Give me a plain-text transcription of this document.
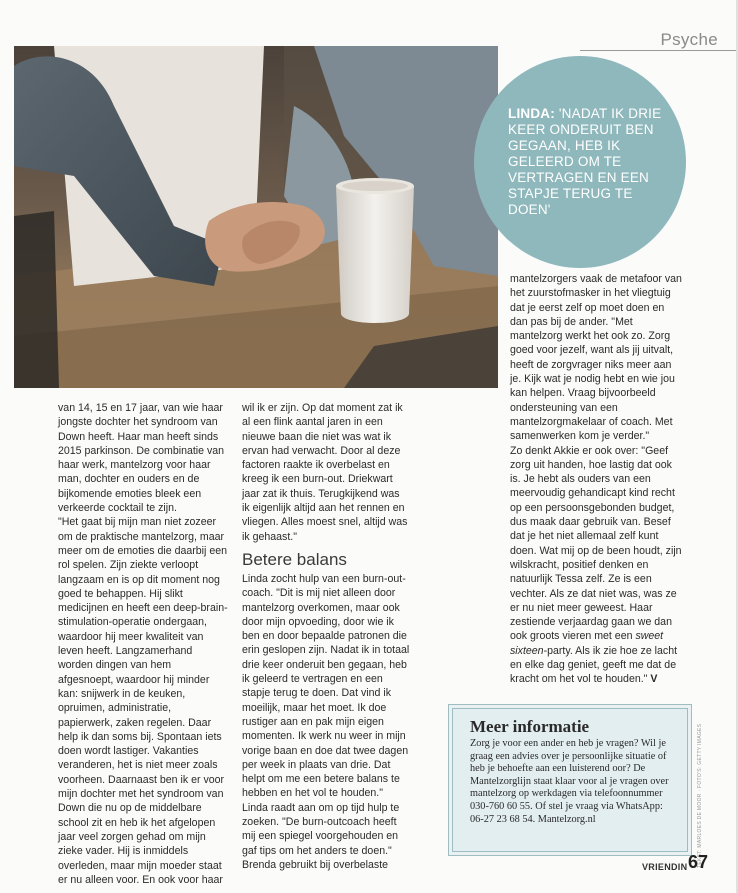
Psyche
LINDA: 'NADAT IK DRIE KEER ONDERUIT BEN GEGAAN, HEB IK GELEERD OM TE VERTRAGEN EN EEN STAPJE TERUG TE DOEN'

van 14, 15 en 17 jaar, van wie haar jongste dochter het syndroom van Down heeft. Haar man heeft sinds 2015 parkinson. De combinatie van haar werk, mantelzorg voor haar man, dochter en ouders en de bijkomende emoties bleek een verkeerde cocktail te zijn.

"Het gaat bij mijn man niet zozeer om de praktische mantelzorg, maar meer om de emoties die daarbij een rol spelen. Zijn ziekte verloopt langzaam en is op dit moment nog goed te behappen. Hij slikt medicijnen en heeft een deep-brain-stimulation-operatie ondergaan, waardoor hij meer kwaliteit van leven heeft. Langzamerhand worden dingen van hem afgesnoept, waardoor hij minder kan: snijwerk in de keuken, opruimen, administratie, papierwerk, zaken regelen. Daar help ik dan soms bij. Spontaan iets doen wordt lastiger. Vakanties veranderen, het is niet meer zoals voorheen. Daarnaast ben ik er voor mijn dochter met het syndroom van Down die nu op de middelbare school zit en heb ik het afgelopen jaar veel zorgen gehad om mijn zieke vader. Hij is inmiddels overleden, maar mijn moeder staat er nu alleen voor. En ook voor haar

wil ik er zijn. Op dat moment zat ik al een flink aantal jaren in een nieuwe baan die niet was wat ik ervan had verwacht. Door al deze factoren raakte ik overbelast en kreeg ik een burn-out. Driekwart jaar zat ik thuis. Terugkijkend was ik eigenlijk altijd aan het rennen en vliegen. Alles moest snel, altijd was ik gehaast."

Betere balans

Linda zocht hulp van een burn-out-coach. "Dit is mij niet alleen door mantelzorg overkomen, maar ook door mijn opvoeding, door wie ik ben en door bepaalde patronen die erin geslopen zijn. Nadat ik in totaal drie keer onderuit ben gegaan, heb ik geleerd te vertragen en een stapje terug te doen. Dat vind ik moeilijk, maar het moet. Ik doe rustiger aan en pak mijn eigen momenten. Ik werk nu weer in mijn vorige baan en doe dat twee dagen per week in plaats van drie. Dat helpt om me een betere balans te hebben en het vol te houden."

Linda raadt aan om op tijd hulp te zoeken. "De burn-outcoach heeft mij een spiegel voorgehouden en gaf tips om het anders te doen." Brenda gebruikt bij overbelaste

mantelzorgers vaak de metafoor van het zuurstofmasker in het vliegtuig dat je eerst zelf op moet doen en dan pas bij de ander. "Met mantelzorg werkt het ook zo. Zorg goed voor jezelf, want als jij uitvalt, heeft de zorgvrager niks meer aan je. Kijk wat je nodig hebt en wie jou kan helpen. Vraag bijvoorbeeld ondersteuning van een mantelzorgmakelaar of coach. Met samenwerken kom je verder."

Zo denkt Akkie er ook over: "Geef zorg uit handen, hoe lastig dat ook is. Je hebt als ouders van een meervoudig gehandicapt kind recht op een persoonsgebonden budget, dus maak daar gebruik van. Besef dat je het niet allemaal zelf kunt doen. Wat mij op de been houdt, zijn wilskracht, positief denken en natuurlijk Tessa zelf. Ze is een vechter. Als ze dat niet was, was ze er nu niet meer geweest. Haar zestiende verjaardag gaan we dan ook groots vieren met een sweet sixteen-party. Als ik zie hoe ze lacht en elke dag geniet, geeft me dat de kracht om het vol te houden." V

Meer informatie
Zorg je voor een ander en heb je vragen? Wil je graag een advies over je persoonlijke situatie of heb je behoefte aan een luisterend oor? De Mantelzorglijn staat klaar voor al je vragen over mantelzorg op werkdagen via telefoonnummer 030-760 60 55. Of stel je vraag via WhatsApp: 06-27 23 68 54. Mantelzorg.nl	TEKST: MARLOES DE MOOR · FOTO'S: GETTY IMAGES
VRIENDIN 67
